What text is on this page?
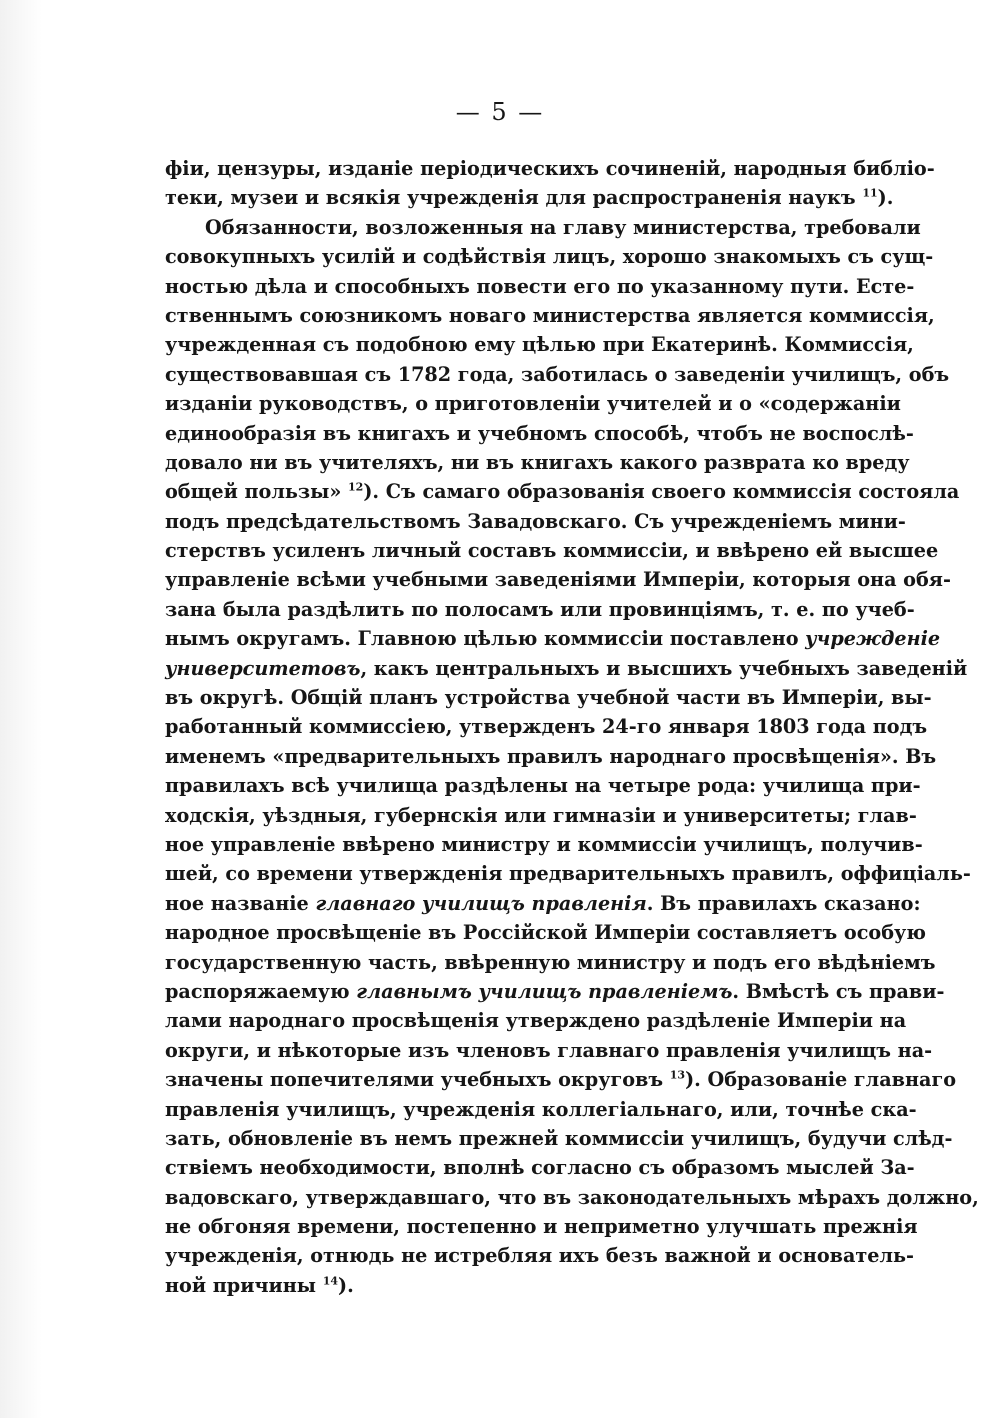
— 5 —
фіи, цензуры, изданіе періодическихъ сочиненій, народныя библіо-
теки, музеи и всякія учрежденія для распространенія наукъ $^{11}$).
Обязанности, возложенныя на главу министерства, требовали
совокупныхъ усилій и содѣйствія лицъ, хорошо знакомыхъ съ сущ-
ностью дѣла и способныхъ повести его по указанному пути. Есте-
ственнымъ союзникомъ новаго министерства является коммиссія,
учрежденная съ подобною ему цѣлью при Екатеринѣ. Коммиссія,
существовавшая съ 1782 года, заботилась о заведеніи училищъ, объ
изданіи руководствъ, о приготовленіи учителей и о «содержаніи
единообразія въ книгахъ и учебномъ способѣ, чтобъ не воспослѣ-
довало ни въ учителяхъ, ни въ книгахъ какого разврата ко вреду
общей пользы» $^{12}$). Съ самаго образованія своего коммиссія состояла
подъ предсѣдательствомъ Завадовскаго. Съ учрежденіемъ мини-
стерствъ усиленъ личный составъ коммиссіи, и ввѣрено ей высшее
управленіе всѣми учебными заведеніями Имперіи, которыя она обя-
зана была раздѣлить по полосамъ или провинціямъ, т. е. по учеб-
нымъ округамъ. Главною цѣлью коммиссіи поставлено учрежденіе
университетовъ, какъ центральныхъ и высшихъ учебныхъ заведеній
въ округѣ. Общій планъ устройства учебной части въ Имперіи, вы-
работанный коммиссіею, утвержденъ 24-го января 1803 года подъ
именемъ «предварительныхъ правилъ народнаго просвѣщенія». Въ
правилахъ всѣ училища раздѣлены на четыре рода: училища при-
ходскія, уѣздныя, губернскія или гимназіи и университеты; глав-
ное управленіе ввѣрено министру и коммиссіи училищъ, получив-
шей, со времени утвержденія предварительныхъ правилъ, оффиціаль-
ное названіе главнаго училищъ правленія. Въ правилахъ сказано:
народное просвѣщеніе въ Россійской Имперіи составляетъ особую
государственную часть, ввѣренную министру и подъ его вѣдѣніемъ
распоряжаемую главнымъ училищъ правленіемъ. Вмѣстѣ съ прави-
лами народнаго просвѣщенія утверждено раздѣленіе Имперіи на
округи, и нѣкоторые изъ членовъ главнаго правленія училищъ на-
значены попечителями учебныхъ округовъ $^{13}$). Образованіе главнаго
правленія училищъ, учрежденія коллегіальнаго, или, точнѣе ска-
зать, обновленіе въ немъ прежней коммиссіи училищъ, будучи слѣд-
ствіемъ необходимости, вполнѣ согласно съ образомъ мыслей За-
вадовскаго, утверждавшаго, что въ законодательныхъ мѣрахъ должно,
не обгоняя времени, постепенно и неприметно улучшать прежнія
учрежденія, отнюдь не истребляя ихъ безъ важной и основатель-
ной причины $^{14}$).
